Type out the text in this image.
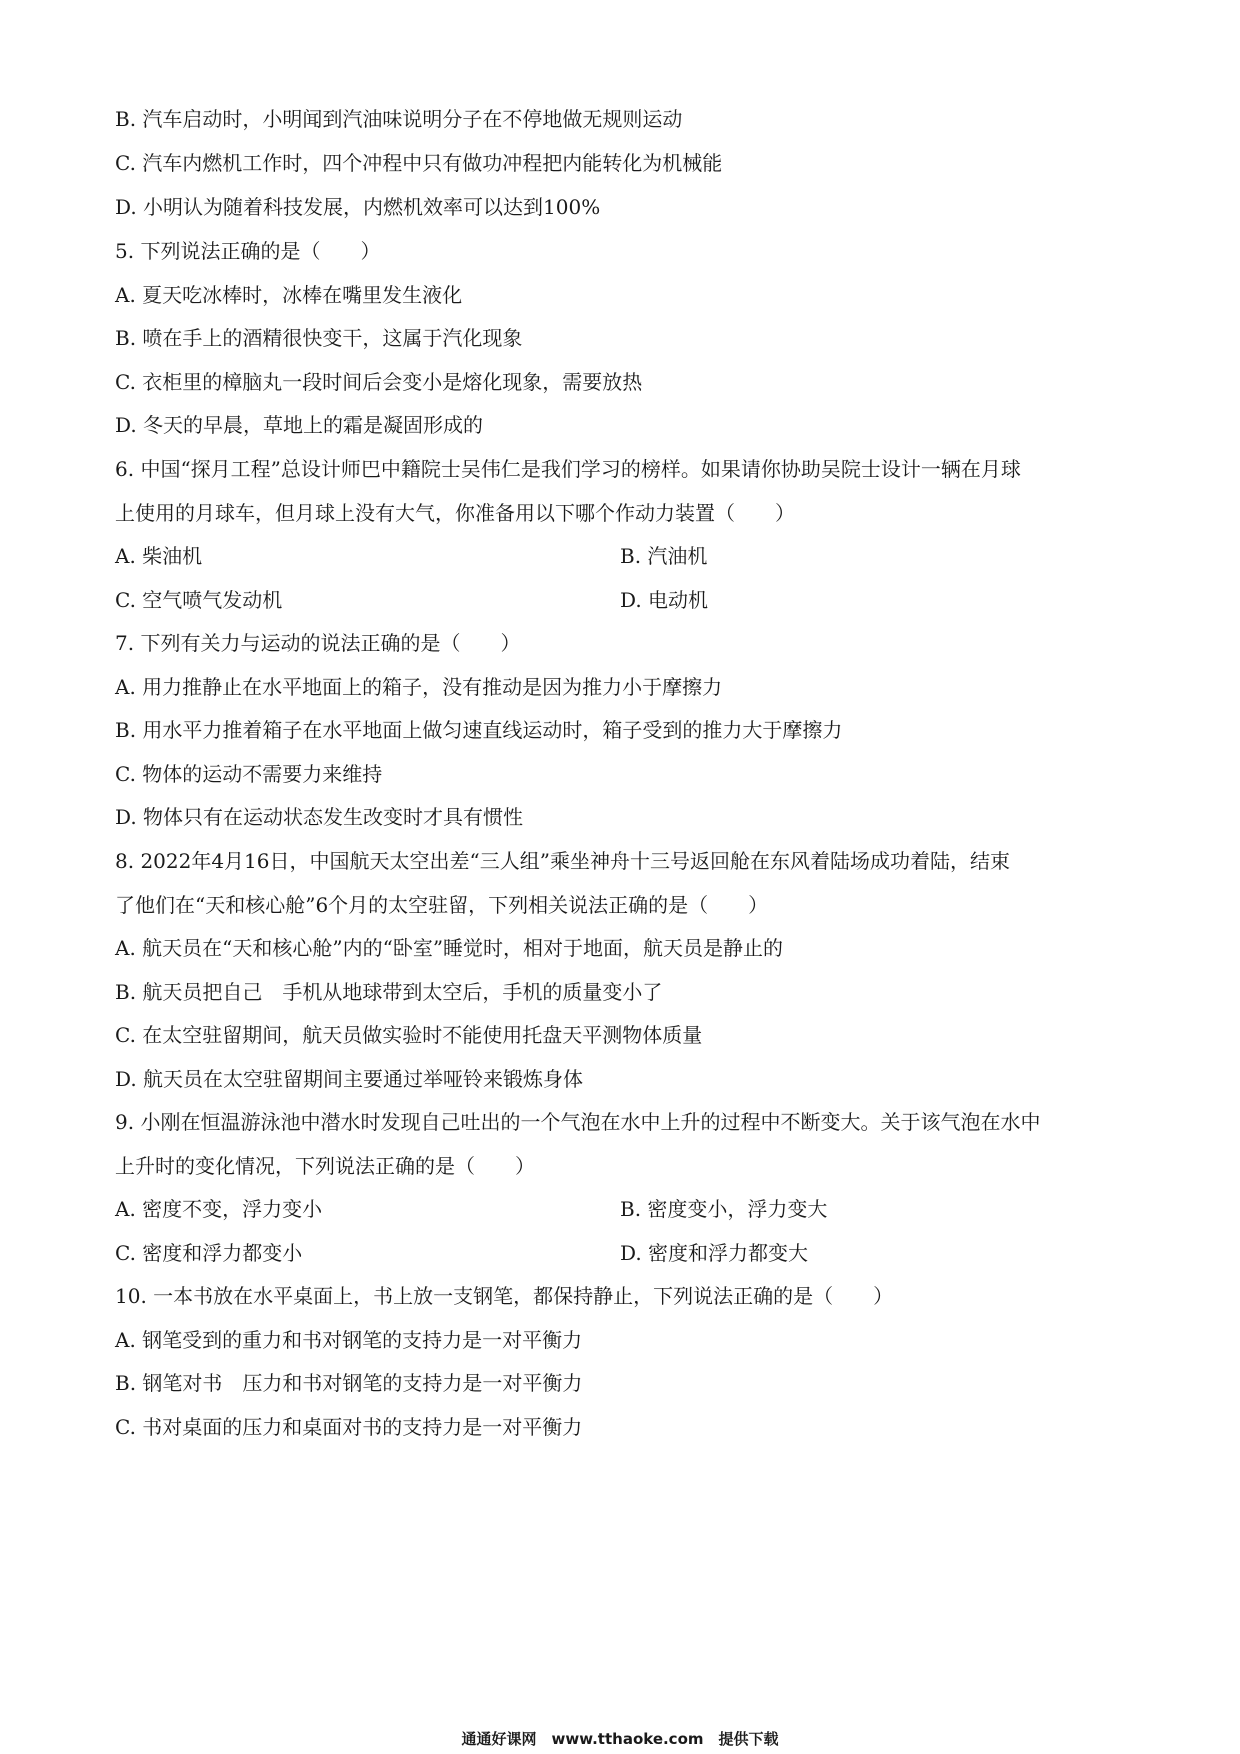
B. 汽车启动时，小明闻到汽油味说明分子在不停地做无规则运动
C. 汽车内燃机工作时，四个冲程中只有做功冲程把内能转化为机械能
D. 小明认为随着科技发展，内燃机效率可以达到100%
5. 下列说法正确的是（　　）
A. 夏天吃冰棒时，冰棒在嘴里发生液化
B. 喷在手上的酒精很快变干，这属于汽化现象
C. 衣柜里的樟脑丸一段时间后会变小是熔化现象，需要放热
D. 冬天的早晨，草地上的霜是凝固形成的
6. 中国“探月工程”总设计师巴中籍院士吴伟仁是我们学习的榜样。如果请你协助吴院士设计一辆在月球
上使用的月球车，但月球上没有大气，你准备用以下哪个作动力装置（　　）
A. 柴油机	B. 汽油机
C. 空气喷气发动机	D. 电动机
7. 下列有关力与运动的说法正确的是（　　）
A. 用力推静止在水平地面上的箱子，没有推动是因为推力小于摩擦力
B. 用水平力推着箱子在水平地面上做匀速直线运动时，箱子受到的推力大于摩擦力
C. 物体的运动不需要力来维持
D. 物体只有在运动状态发生改变时才具有惯性
8. 2022年4月16日，中国航天太空出差“三人组”乘坐神舟十三号返回舱在东风着陆场成功着陆，结束
了他们在“天和核心舱”6个月的太空驻留，下列相关说法正确的是（　　）
A. 航天员在“天和核心舱”内的“卧室”睡觉时，相对于地面，航天员是静止的
B. 航天员把自己　手机从地球带到太空后，手机的质量变小了
C. 在太空驻留期间，航天员做实验时不能使用托盘天平测物体质量
D. 航天员在太空驻留期间主要通过举哑铃来锻炼身体
9. 小刚在恒温游泳池中潜水时发现自己吐出的一个气泡在水中上升的过程中不断变大。关于该气泡在水中
上升时的变化情况，下列说法正确的是（　　）
A. 密度不变，浮力变小	B. 密度变小，浮力变大
C. 密度和浮力都变小	D. 密度和浮力都变大
10. 一本书放在水平桌面上，书上放一支钢笔，都保持静止，下列说法正确的是（　　）
A. 钢笔受到的重力和书对钢笔的支持力是一对平衡力
B. 钢笔对书　压力和书对钢笔的支持力是一对平衡力
C. 书对桌面的压力和桌面对书的支持力是一对平衡力
通通好课网　www.tthaoke.com　提供下载
